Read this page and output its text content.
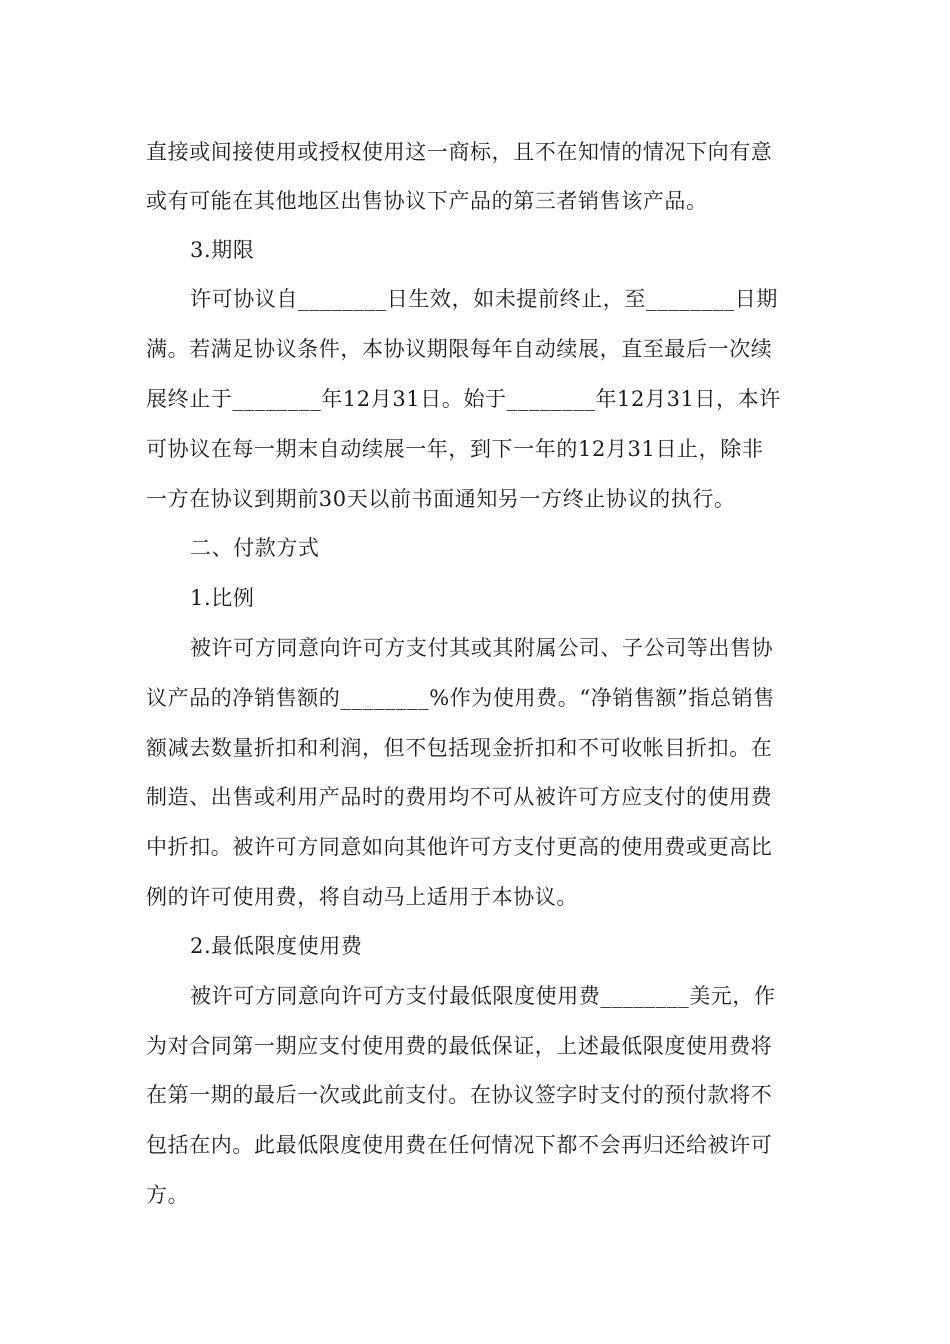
直接或间接使用或授权使用这一商标，且不在知情的情况下向有意
或有可能在其他地区出售协议下产品的第三者销售该产品。
3.期限
许可协议自________日生效，如未提前终止，至________日期
满。若满足协议条件，本协议期限每年自动续展，直至最后一次续
展终止于________年12月31日。始于________年12月31日，本许
可协议在每一期末自动续展一年，到下一年的12月31日止，除非
一方在协议到期前30天以前书面通知另一方终止协议的执行。
二、付款方式
1.比例
被许可方同意向许可方支付其或其附属公司、子公司等出售协
议产品的净销售额的________%作为使用费。“净销售额”指总销售
额减去数量折扣和利润，但不包括现金折扣和不可收帐目折扣。在
制造、出售或利用产品时的费用均不可从被许可方应支付的使用费
中折扣。被许可方同意如向其他许可方支付更高的使用费或更高比
例的许可使用费，将自动马上适用于本协议。
2.最低限度使用费
被许可方同意向许可方支付最低限度使用费________美元，作
为对合同第一期应支付使用费的最低保证，上述最低限度使用费将
在第一期的最后一次或此前支付。在协议签字时支付的预付款将不
包括在内。此最低限度使用费在任何情况下都不会再归还给被许可
方。
